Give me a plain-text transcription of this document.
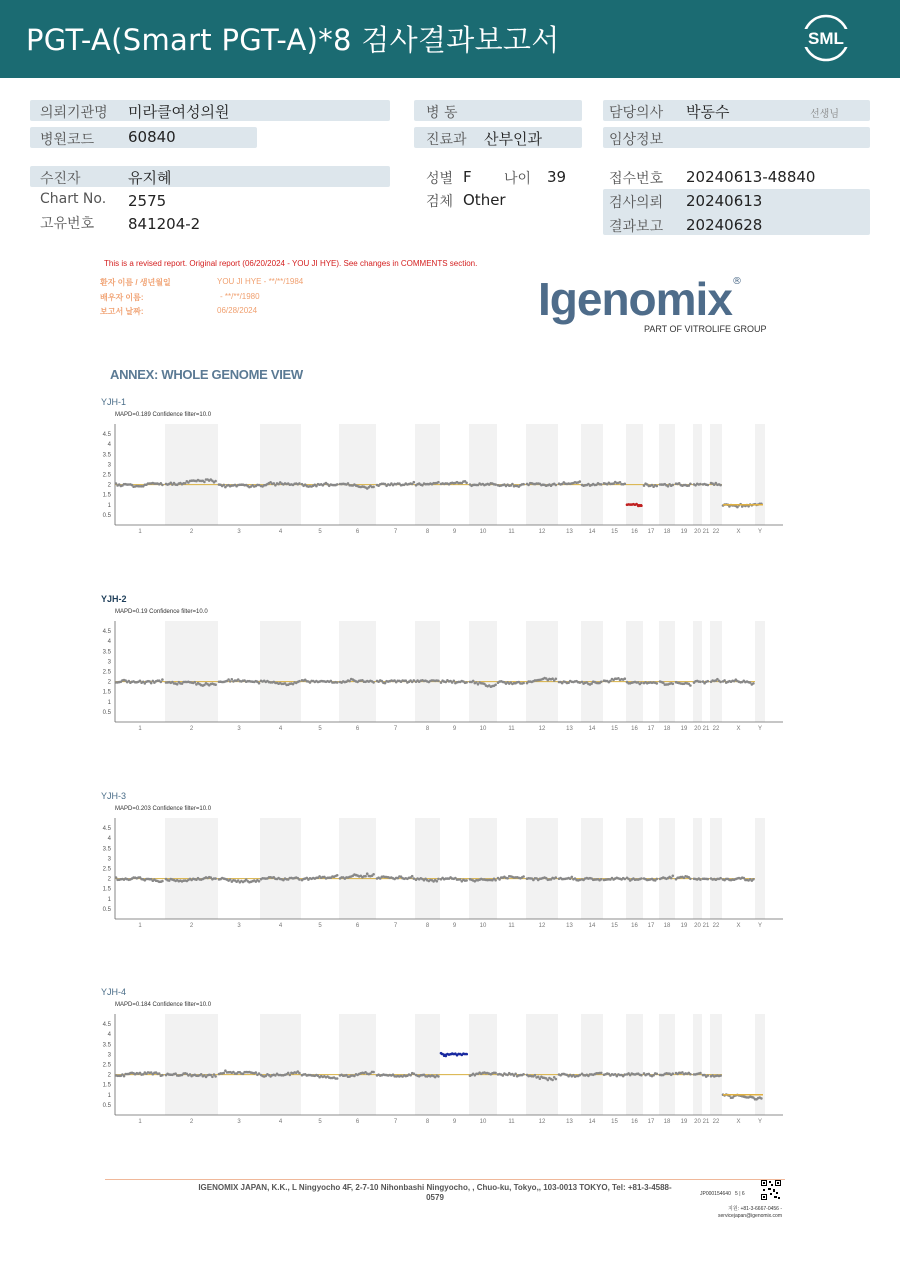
PGT-A(Smart PGT-A)*8 검사결과보고서	SML
의뢰기관명 미라클여성의원
병원코드 60840
병 동
진료과 산부인과
담당의사 박동수	선생님
임상정보
수진자	유지혜
Chart No. 2575
고유번호 841204-2
성별 F 나이 39
검체 Other
접수번호 20240613-48840
검사의뢰 20240613
결과보고 20240628
This is a revised report. Original report (06/20/2024 - YOU JI HYE). See changes in COMMENTS section.
환자 이름 / 생년월일	YOU JI HYE - **/**/1984
배우자 이름:	- **/**/1980
보고서 날짜:	06/28/2024	Igenomix®
PART OF VITROLIFE GROUP
ANNEX: WHOLE GENOME VIEW
YJH-1
MAPD=0.189 Confidence filter=10.0
4.5
4
3.5
3
2.5
2
1.5
1
0.5
1	2	3	4	5	6	7	8	9	10	11	12	13	14	15 16 17 18 19 20 21 22	X	Y
YJH-2
MAPD=0.19 Confidence filter=10.0
4.5
4
3.5
3
2.5
2
1.5
1
0.5
1	2	3	4	5	6	7	8	9	10	11	12	13	14	15 16 17 18 19 20 21 22	X	Y
YJH-3
MAPD=0.203 Confidence filter=10.0
4.5
4
3.5
3
2.5
2
1.5
1
0.5
1	2	3	4	5	6	7	8	9	10	11	12	13	14	15 16 17 18 19 20 21 22	X	Y
YJH-4
MAPD=0.184 Confidence filter=10.0
4.5
4
3.5
3
2.5
2
1.5
1
0.5
1	2	3	4	5	6	7	8	9	10	11	12	13	14	15 16 17 18 19 20 21 22	X	Y
IGENOMIX JAPAN, K.K., L Ningyocho 4F, 2-7-10 Nihonbashi Ningyocho, , Chuo-ku, Tokyo,, 103-0013 TOKYO, Tel: +81-3-4588-0579	JP000154640 5 | 6
지원: +81-3-6667-0456 - servicejapan@igenomix.com
